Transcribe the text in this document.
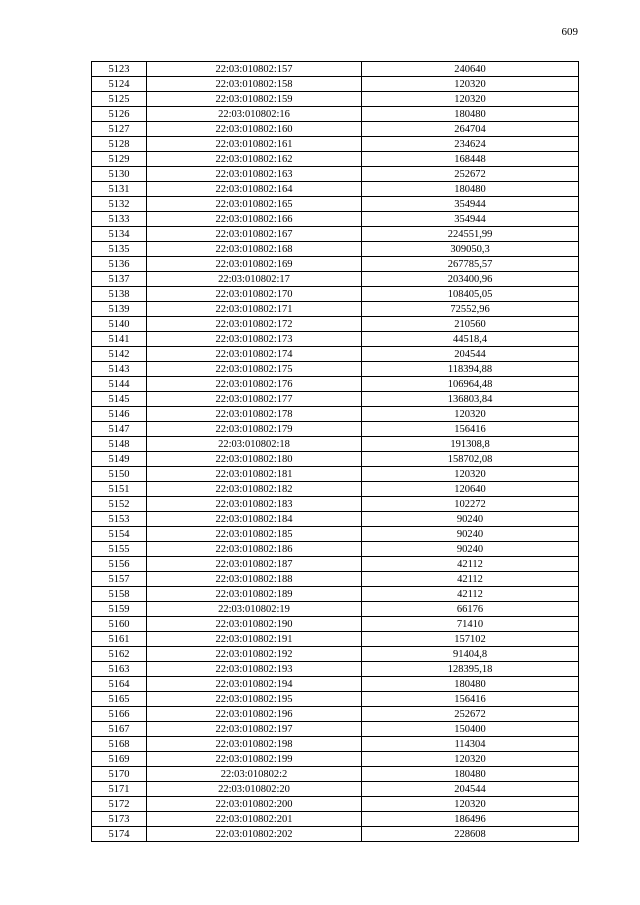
609
5123	22:03:010802:157	240640
5124	22:03:010802:158	120320
5125	22:03:010802:159	120320
5126	22:03:010802:16	180480
5127	22:03:010802:160	264704
5128	22:03:010802:161	234624
5129	22:03:010802:162	168448
5130	22:03:010802:163	252672
5131	22:03:010802:164	180480
5132	22:03:010802:165	354944
5133	22:03:010802:166	354944
5134	22:03:010802:167	224551,99
5135	22:03:010802:168	309050,3
5136	22:03:010802:169	267785,57
5137	22:03:010802:17	203400,96
5138	22:03:010802:170	108405,05
5139	22:03:010802:171	72552,96
5140	22:03:010802:172	210560
5141	22:03:010802:173	44518,4
5142	22:03:010802:174	204544
5143	22:03:010802:175	118394,88
5144	22:03:010802:176	106964,48
5145	22:03:010802:177	136803,84
5146	22:03:010802:178	120320
5147	22:03:010802:179	156416
5148	22:03:010802:18	191308,8
5149	22:03:010802:180	158702,08
5150	22:03:010802:181	120320
5151	22:03:010802:182	120640
5152	22:03:010802:183	102272
5153	22:03:010802:184	90240
5154	22:03:010802:185	90240
5155	22:03:010802:186	90240
5156	22:03:010802:187	42112
5157	22:03:010802:188	42112
5158	22:03:010802:189	42112
5159	22:03:010802:19	66176
5160	22:03:010802:190	71410
5161	22:03:010802:191	157102
5162	22:03:010802:192	91404,8
5163	22:03:010802:193	128395,18
5164	22:03:010802:194	180480
5165	22:03:010802:195	156416
5166	22:03:010802:196	252672
5167	22:03:010802:197	150400
5168	22:03:010802:198	114304
5169	22:03:010802:199	120320
5170	22:03:010802:2	180480
5171	22:03:010802:20	204544
5172	22:03:010802:200	120320
5173	22:03:010802:201	186496
5174	22:03:010802:202	228608
